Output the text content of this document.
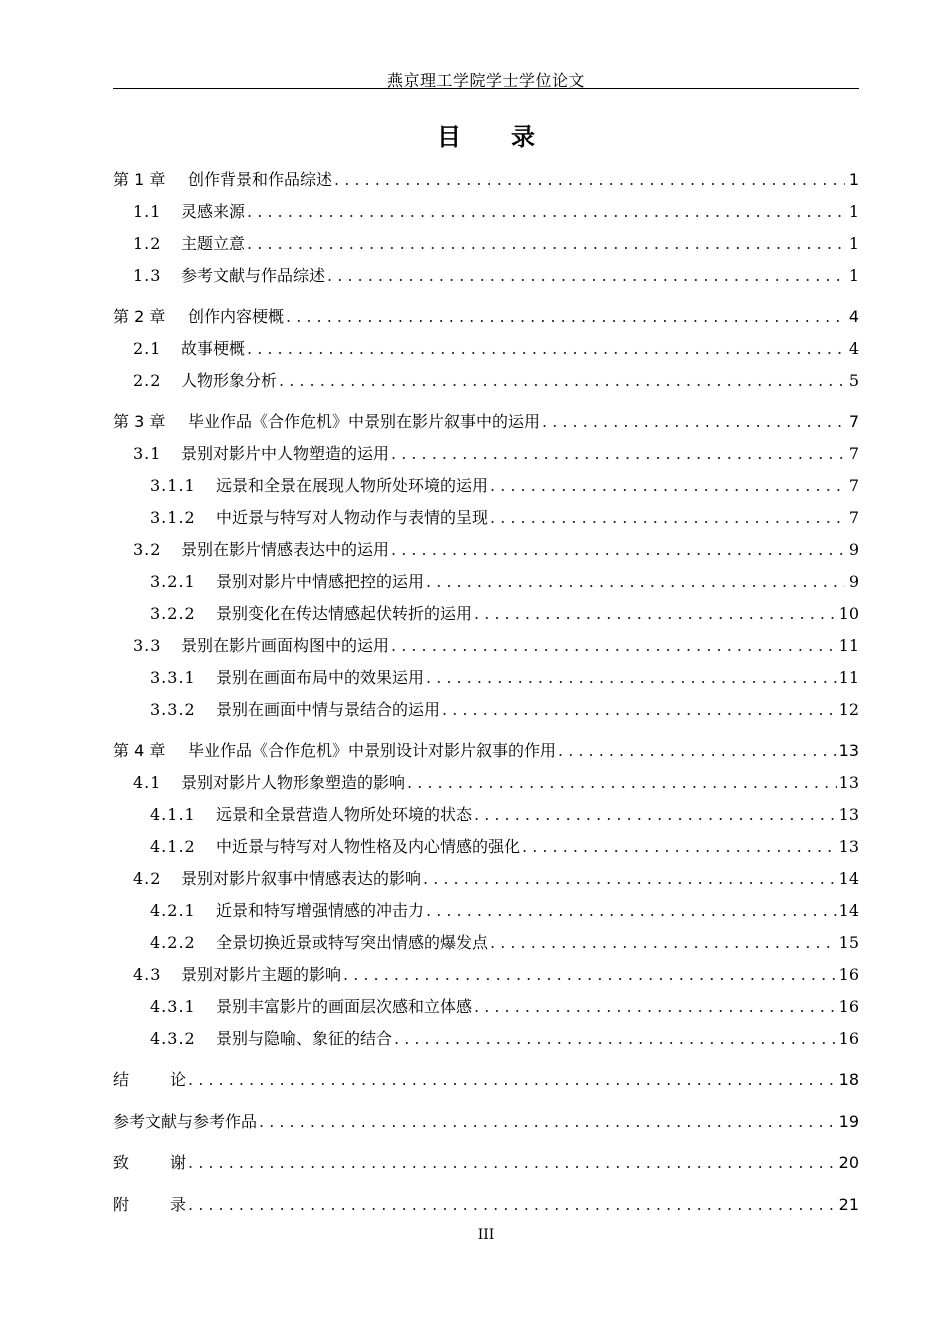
燕京理工学院学士学位论文
目 录
第 1 章	创作背景和作品综述 . . .	1
1.1	灵感来源 . . .	1
1.2	主题立意 . . .	1
1.3	参考文献与作品综述 . . .	1
第 2 章	创作内容梗概 . . .	4
2.1	故事梗概 . . .	4
2.2	人物形象分析 . . .	5
第 3 章	毕业作品《合作危机》中景别在影片叙事中的运用 . . .	7
3.1	景别对影片中人物塑造的运用 . . .	7
3.1.1	远景和全景在展现人物所处环境的运用 . . .	7
3.1.2	中近景与特写对人物动作与表情的呈现 . . .	7
3.2	景别在影片情感表达中的运用 . . .	9
3.2.1	景别对影片中情感把控的运用 . . .	9
3.2.2	景别变化在传达情感起伏转折的运用 . . .	10
3.3	景别在影片画面构图中的运用 . . .	11
3.3.1	景别在画面布局中的效果运用 . . .	11
3.3.2	景别在画面中情与景结合的运用 . . .	12
第 4 章	毕业作品《合作危机》中景别设计对影片叙事的作用 . . .	13
4.1	景别对影片人物形象塑造的影响 . . .	13
4.1.1	远景和全景营造人物所处环境的状态 . . .	13
4.1.2	中近景与特写对人物性格及内心情感的强化 . . .	13
4.2	景别对影片叙事中情感表达的影响 . . .	14
4.2.1	近景和特写增强情感的冲击力 . . .	14
4.2.2	全景切换近景或特写突出情感的爆发点 . . .	15
4.3	景别对影片主题的影响 . . .	16
4.3.1	景别丰富影片的画面层次感和立体感 . . .	16
4.3.2	景别与隐喻、象征的结合 . . .	16
结	论 . . .	18
参考文献与参考作品 . . .	19
致	谢 . . .	20
附	录 . . .	21
III
